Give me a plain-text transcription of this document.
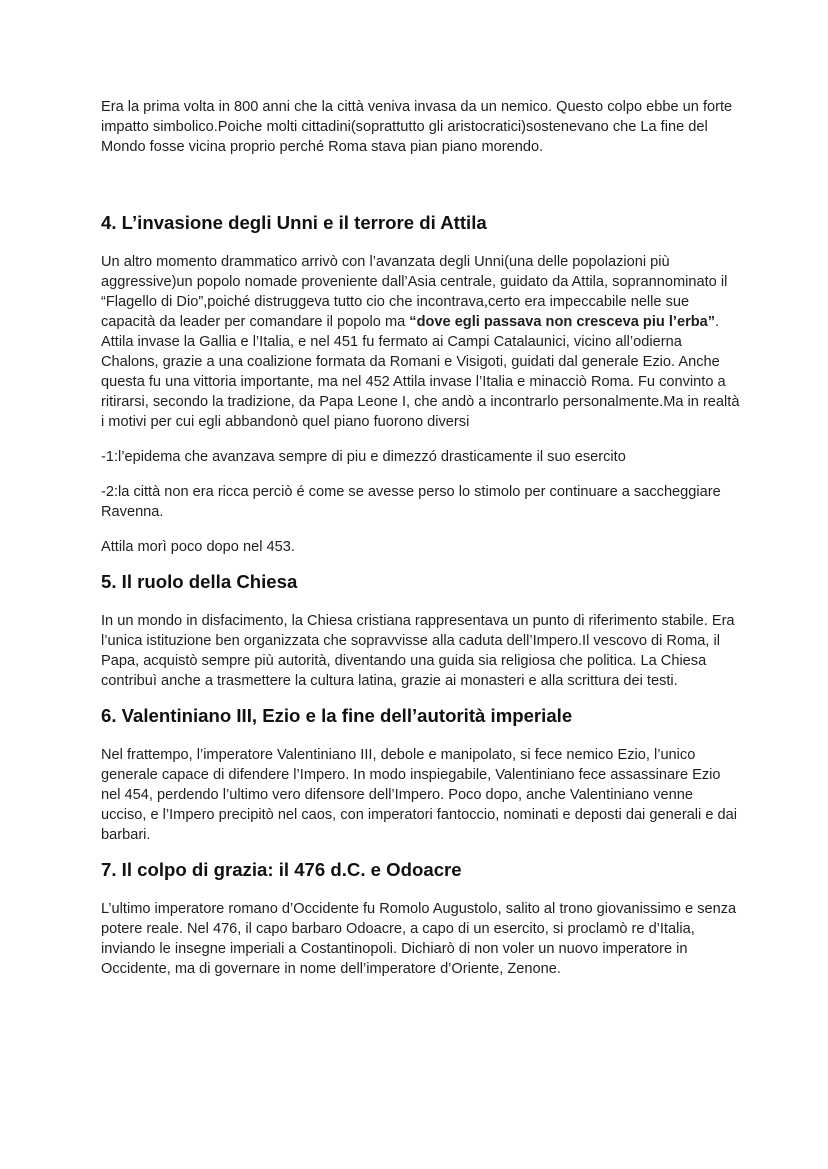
Era la prima volta in 800 anni che la città veniva invasa da un nemico. Questo colpo ebbe un forte impatto simbolico.Poiche molti cittadini(soprattutto gli aristocratici)sostenevano che La fine del Mondo fosse vicina proprio perché Roma stava pian piano morendo.

4. L’invasione degli Unni e il terrore di Attila

Un altro momento drammatico arrivò con l’avanzata degli Unni(una delle popolazioni più aggressive)un popolo nomade proveniente dall’Asia centrale, guidato da Attila, soprannominato il “Flagello di Dio”,poiché distruggeva tutto cio che incontrava,certo era impeccabile nelle sue capacità da leader per comandare il popolo ma “dove egli passava non cresceva piu l’erba”. Attila invase la Gallia e l’Italia, e nel 451 fu fermato ai Campi Catalaunici, vicino all’odierna Chalons, grazie a una coalizione formata da Romani e Visigoti, guidati dal generale Ezio. Anche questa fu una vittoria importante, ma nel 452 Attila invase l’Italia e minacciò Roma. Fu convinto a ritirarsi, secondo la tradizione, da Papa Leone I, che andò a incontrarlo personalmente.Ma in realtà i motivi per cui egli abbandonò quel piano fuorono diversi

-1:l’epidema che avanzava sempre di piu e dimezzó drasticamente il suo esercito

-2:la città non era ricca perciò é come se avesse perso lo stimolo per continuare a saccheggiare Ravenna.

Attila morì poco dopo nel 453.

5. Il ruolo della Chiesa

In un mondo in disfacimento, la Chiesa cristiana rappresentava un punto di riferimento stabile. Era l’unica istituzione ben organizzata che sopravvisse alla caduta dell’Impero.Il vescovo di Roma, il Papa, acquistò sempre più autorità, diventando una guida sia religiosa che politica. La Chiesa contribuì anche a trasmettere la cultura latina, grazie ai monasteri e alla scrittura dei testi.

6. Valentiniano III, Ezio e la fine dell’autorità imperiale

Nel frattempo, l’imperatore Valentiniano III, debole e manipolato, si fece nemico Ezio, l’unico generale capace di difendere l’Impero. In modo inspiegabile, Valentiniano fece assassinare Ezio nel 454, perdendo l’ultimo vero difensore dell’Impero. Poco dopo, anche Valentiniano venne ucciso, e l’Impero precipitò nel caos, con imperatori fantoccio, nominati e deposti dai generali e dai barbari.

7. Il colpo di grazia: il 476 d.C. e Odoacre

L’ultimo imperatore romano d’Occidente fu Romolo Augustolo, salito al trono giovanissimo e senza potere reale. Nel 476, il capo barbaro Odoacre, a capo di un esercito, si proclamò re d’Italia, inviando le insegne imperiali a Costantinopoli. Dichiarò di non voler un nuovo imperatore in Occidente, ma di governare in nome dell’imperatore d’Oriente, Zenone.
